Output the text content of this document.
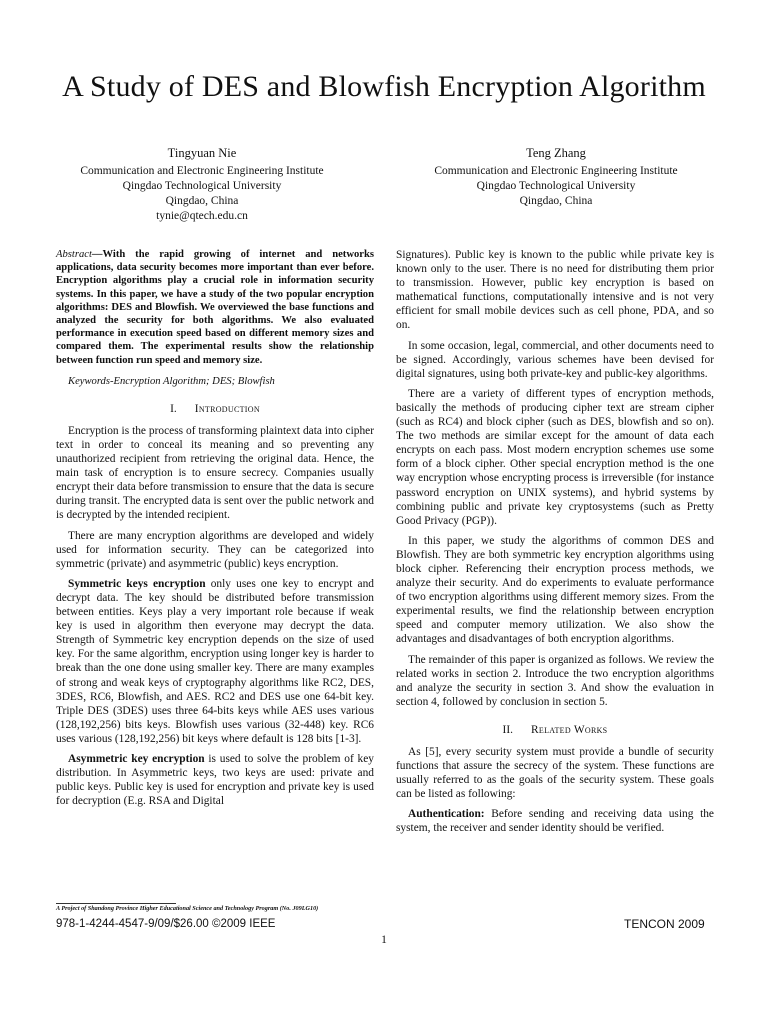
A Study of DES and Blowfish Encryption Algorithm
Tingyuan Nie
Communication and Electronic Engineering Institute
Qingdao Technological University
Qingdao, China
tynie@qtech.edu.cn
Teng Zhang
Communication and Electronic Engineering Institute
Qingdao Technological University
Qingdao, China

Abstract—With the rapid growing of internet and networks applications, data security becomes more important than ever before. Encryption algorithms play a crucial role in information security systems. In this paper, we have a study of the two popular encryption algorithms: DES and Blowfish. We overviewed the base functions and analyzed the security for both algorithms. We also evaluated performance in execution speed based on different memory sizes and compared them. The experimental results show the relationship between function run speed and memory size.

Keywords-Encryption Algorithm; DES; Blowfish

I. Introduction

Encryption is the process of transforming plaintext data into cipher text in order to conceal its meaning and so preventing any unauthorized recipient from retrieving the original data. Hence, the main task of encryption is to ensure secrecy. Companies usually encrypt their data before transmission to ensure that the data is secure during transit. The encrypted data is sent over the public network and is decrypted by the intended recipient.

There are many encryption algorithms are developed and widely used for information security. They can be categorized into symmetric (private) and asymmetric (public) keys encryption.

Symmetric keys encryption only uses one key to encrypt and decrypt data. The key should be distributed before transmission between entities. Keys play a very important role because if weak key is used in algorithm then everyone may decrypt the data. Strength of Symmetric key encryption depends on the size of used key. For the same algorithm, encryption using longer key is harder to break than the one done using smaller key. There are many examples of strong and weak keys of cryptography algorithms like RC2, DES, 3DES, RC6, Blowfish, and AES. RC2 and DES use one 64-bit key. Triple DES (3DES) uses three 64-bits keys while AES uses various (128,192,256) bits keys. Blowfish uses various (32-448) key. RC6 uses various (128,192,256) bit keys where default is 128 bits [1-3].

Asymmetric key encryption is used to solve the problem of key distribution. In Asymmetric keys, two keys are used: private and public keys. Public key is used for encryption and private key is used for decryption (E.g. RSA and Digital

Signatures). Public key is known to the public while private key is known only to the user. There is no need for distributing them prior to transmission. However, public key encryption is based on mathematical functions, computationally intensive and is not very efficient for small mobile devices such as cell phone, PDA, and so on.

In some occasion, legal, commercial, and other documents need to be signed. Accordingly, various schemes have been devised for digital signatures, using both private-key and public-key algorithms.

There are a variety of different types of encryption methods, basically the methods of producing cipher text are stream cipher (such as RC4) and block cipher (such as DES, blowfish and so on). The two methods are similar except for the amount of data each encrypts on each pass. Most modern encryption schemes use some form of a block cipher. Other special encryption method is the one way encryption whose encrypting process is irreversible (for instance password encryption on UNIX systems), and hybrid systems by combining public and private key cryptosystems (such as Pretty Good Privacy (PGP)).

In this paper, we study the algorithms of common DES and Blowfish. They are both symmetric key encryption algorithms using block cipher. Referencing their encryption process methods, we analyze their security. And do experiments to evaluate performance of two encryption algorithms using different memory sizes. From the experimental results, we find the relationship between encryption speed and computer memory utilization. We also show the advantages and disadvantages of both encryption algorithms.

The remainder of this paper is organized as follows. We review the related works in section 2. Introduce the two encryption algorithms and analyze the security in section 3. And show the evaluation in section 4, followed by conclusion in section 5.

II. Related Works

As [5], every security system must provide a bundle of security functions that assure the secrecy of the system. These functions are usually referred to as the goals of the security system. These goals can be listed as following:

Authentication: Before sending and receiving data using the system, the receiver and sender identity should be verified.

A Project of Shandong Province Higher Educational Science and Technology Program (No. J09LG10)
978-1-4244-4547-9/09/$26.00 ©2009 IEEE	TENCON 2009
1
